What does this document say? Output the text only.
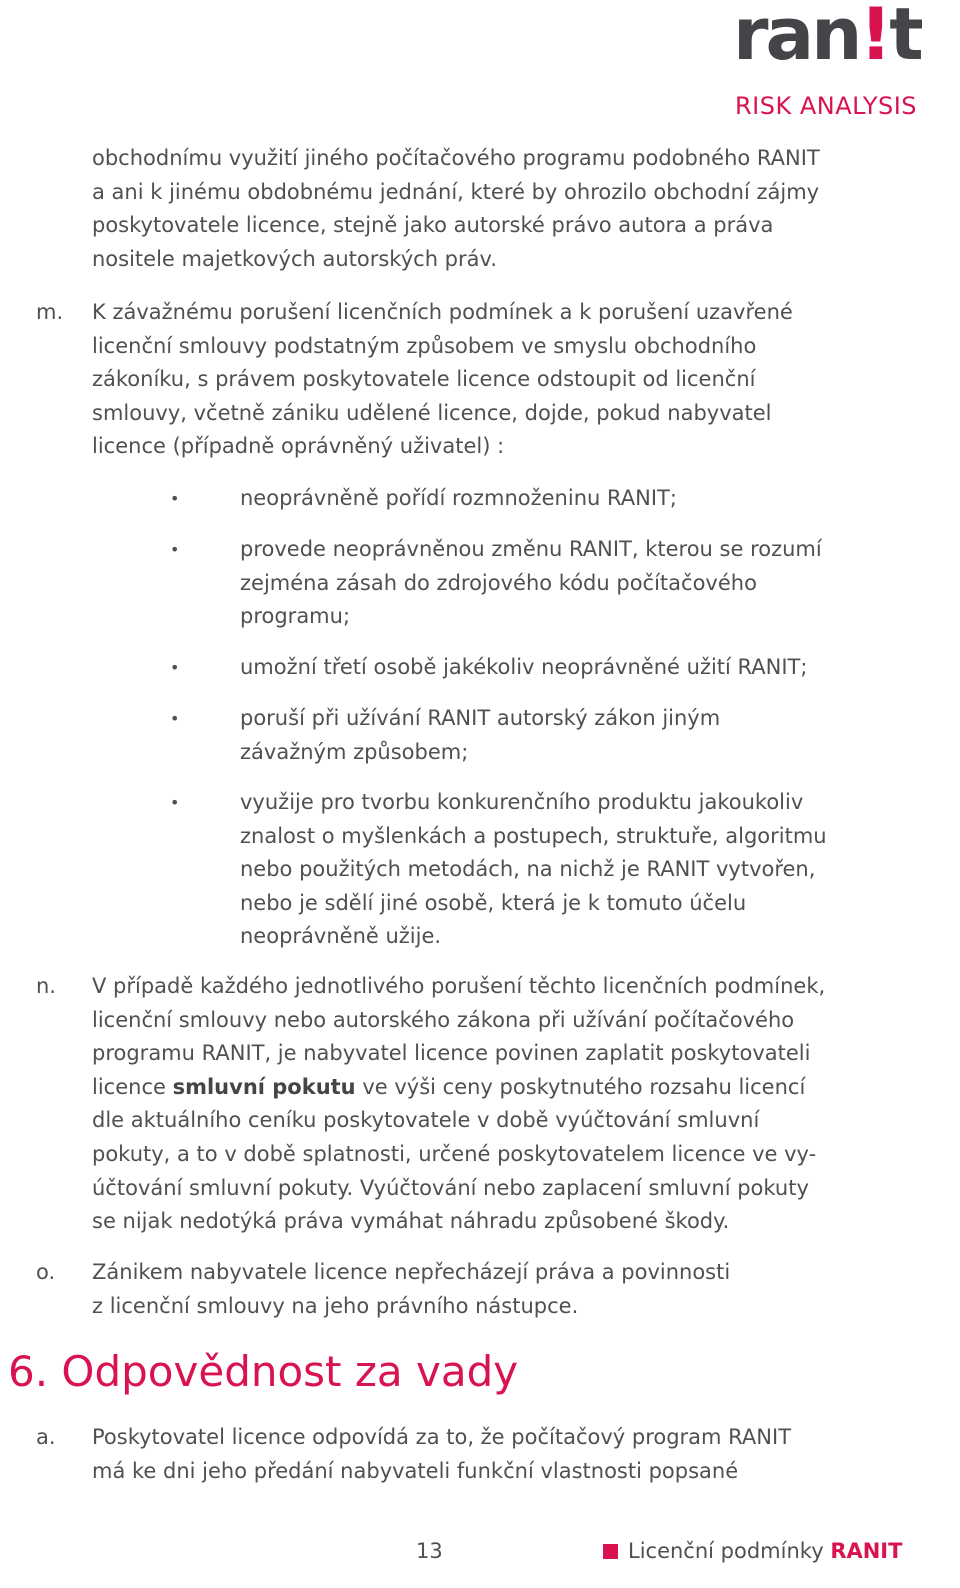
ran!t
RISK ANALYSIS
obchodnímu využití jiného počítačového programu podobného RANIT
a ani k jinému obdobnému jednání, které by ohrozilo obchodní zájmy
poskytovatele licence, stejně jako autorské právo autora a práva
nositele majetkových autorských práv.
m. K závažnému porušení licenčních podmínek a k porušení uzavřené
licenční smlouvy podstatným způsobem ve smyslu obchodního
zákoníku, s právem poskytovatele licence odstoupit od licenční
smlouvy, včetně zániku udělené licence, dojde, pokud nabyvatel
licence (případně oprávněný uživatel) :
•	neoprávněně pořídí rozmnoženinu RANIT;
•	provede neoprávněnou změnu RANIT, kterou se rozumí
zejména zásah do zdrojového kódu počítačového
programu;
•	umožní třetí osobě jakékoliv neoprávněné užití RANIT;
•	poruší při užívání RANIT autorský zákon jiným
závažným způsobem;
•	využije pro tvorbu konkurenčního produktu jakoukoliv
znalost o myšlenkách a postupech, struktuře, algoritmu
nebo použitých metodách, na nichž je RANIT vytvořen,
nebo je sdělí jiné osobě, která je k tomuto účelu
neoprávněně užije.
n. V případě každého jednotlivého porušení těchto licenčních podmínek,
licenční smlouvy nebo autorského zákona při užívání počítačového
programu RANIT, je nabyvatel licence povinen zaplatit poskytovateli
licence smluvní pokutu ve výši ceny poskytnutého rozsahu licencí
dle aktuálního ceníku poskytovatele v době vyúčtování smluvní
pokuty, a to v době splatnosti, určené poskytovatelem licence ve vy-
účtování smluvní pokuty. Vyúčtování nebo zaplacení smluvní pokuty
se nijak nedotýká práva vymáhat náhradu způsobené škody.
o. Zánikem nabyvatele licence nepřecházejí práva a povinnosti
z licenční smlouvy na jeho právního nástupce.
6. Odpovědnost za vady
a. Poskytovatel licence odpovídá za to, že počítačový program RANIT
má ke dni jeho předání nabyvateli funkční vlastnosti popsané
13	Licenční podmínky RANIT
